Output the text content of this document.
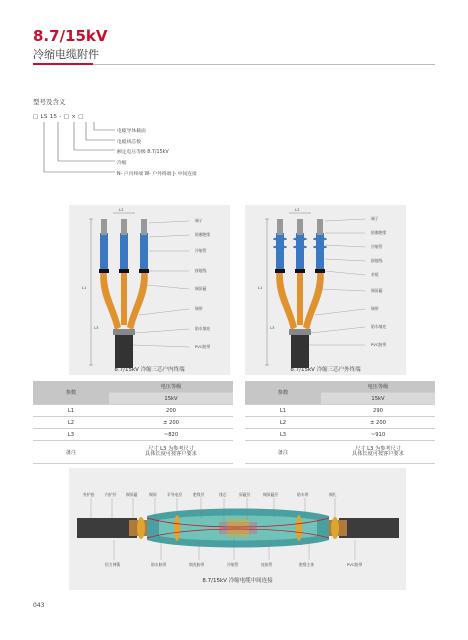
8.7/15kV
冷缩电缆附件
型号及含义
□ LS 15 - □ × □
电缆导体截面
电缆线芯数
额定电压等级 8.7/15kV
冷缩
N- 户内终端 W- 户外终端 J- 中间连接
端子
防潮绝缘
冷缩管
接地线
铜屏蔽
铜带
防水填充
PVC胶带
L2
L1
L3
8.7/15kV 冷缩三芯户内终端
端子
防潮绝缘
冷缩管
接地线
伞裙
铜屏蔽
铜带
防水填充
PVC胶带
L2
L1
L3
8.7/15kV 冷缩三芯户外终端
参数	电压等级
	15kV
L1	200
L2	± 200
L3	~820
备注	尺寸 L3 为参考尺寸
具体长度可按客户要求
参数	电压等级
	15kV
L1	290
L2	± 200
L3	~910
备注	尺寸 L3 为参考尺寸
具体长度可按客户要求
外护套	内护层	铜屏蔽	铜网	半导电层	绝缘层	线芯	屏蔽层	铜屏蔽层	防水带	铜扎
恒力弹簧	防水胶带	填充胶带	冷缩管	连接管	绝缘主体	PVC胶带
8.7/15kV 冷缩电缆中间连接
043
